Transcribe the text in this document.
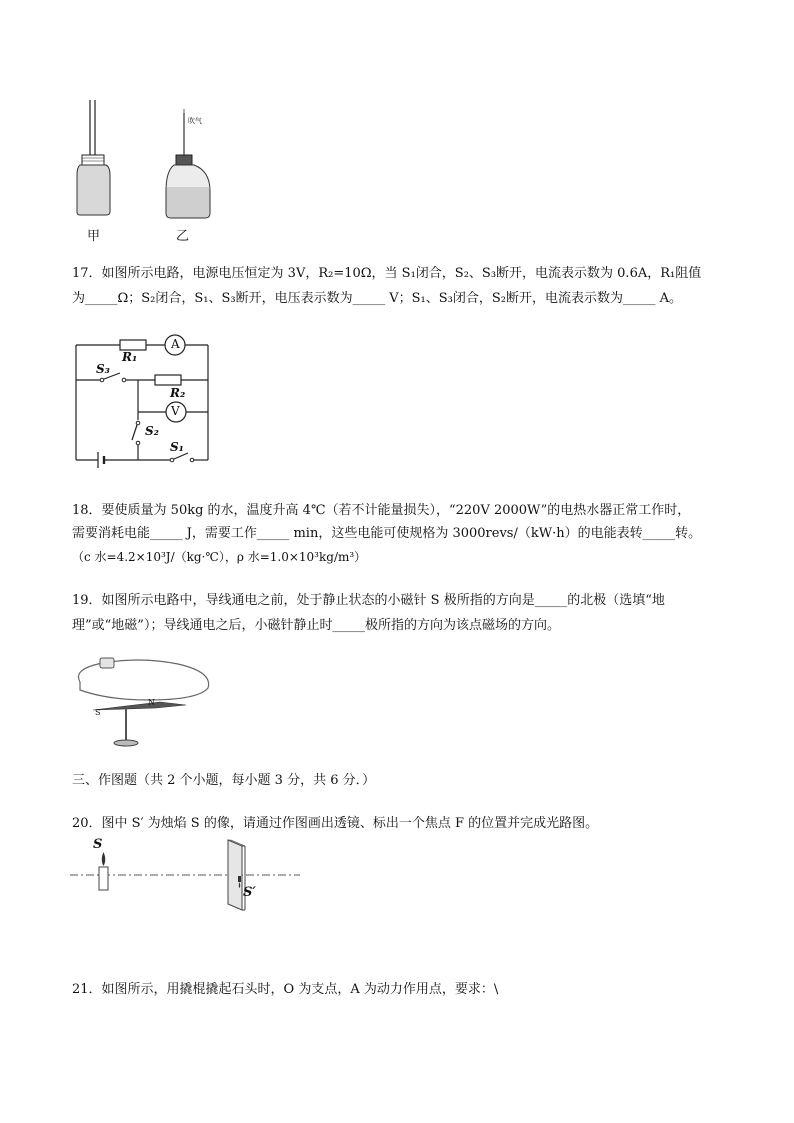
吹气
甲	乙
17．如图所示电路，电源电压恒定为 3V，R₂=10Ω，当 S₁闭合，S₂、S₃断开，电流表示数为 0.6A，R₁阻值
为_____Ω；S₂闭合，S₁、S₃断开，电压表示数为_____ V；S₁、S₃闭合，S₂断开，电流表示数为_____ A。
A
V
R₁
R₂
S₃
S₂
S₁
18．要使质量为 50kg 的水，温度升高 4℃（若不计能量损失），“220V 2000W”的电热水器正常工作时，
需要消耗电能_____ J，需要工作_____ min，这些电能可使规格为 3000revs/（kW·h）的电能表转_____转。
（c 水=4.2×10³J/（kg·℃），ρ 水=1.0×10³kg/m³）
19．如图所示电路中，导线通电之前，处于静止状态的小磁针 S 极所指的方向是_____的北极（选填“地
理”或“地磁”）；导线通电之后，小磁针静止时_____极所指的方向为该点磁场的方向。
S
N
三、作图题（共 2 个小题，每小题 3 分，共 6 分．）
20．图中 S′ 为烛焰 S 的像，请通过作图画出透镜、标出一个焦点 F 的位置并完成光路图。
S
S′
21．如图所示，用撬棍撬起石头时，O 为支点，A 为动力作用点，要求：\
